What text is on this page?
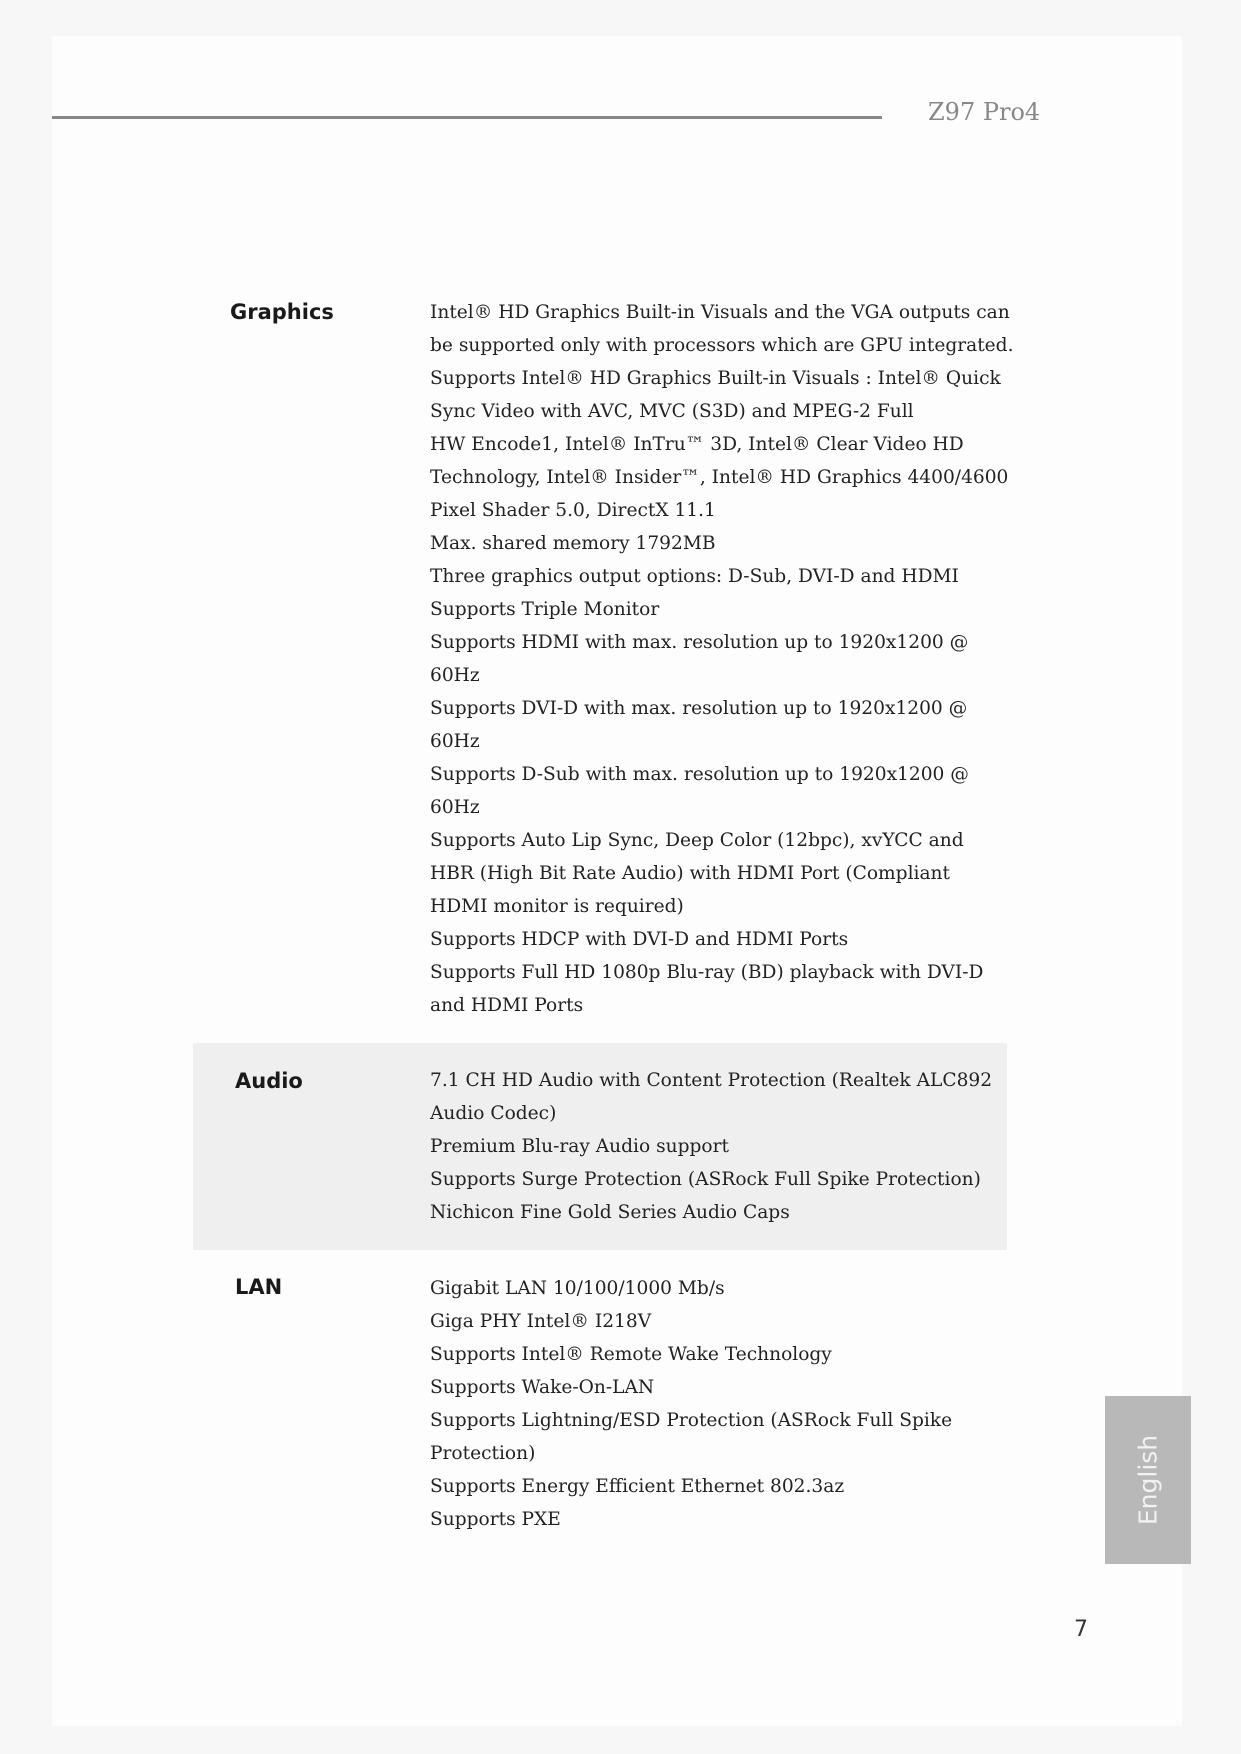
Z97 Pro4
Graphics	Intel® HD Graphics Built-in Visuals and the VGA outputs can
be supported only with processors which are GPU integrated.
Supports Intel® HD Graphics Built-in Visuals : Intel® Quick
Sync Video with AVC, MVC (S3D) and MPEG-2 Full
HW Encode1, Intel® InTru™ 3D, Intel® Clear Video HD
Technology, Intel® Insider™, Intel® HD Graphics 4400/4600
Pixel Shader 5.0, DirectX 11.1
Max. shared memory 1792MB
Three graphics output options: D-Sub, DVI-D and HDMI
Supports Triple Monitor
Supports HDMI with max. resolution up to 1920x1200 @
60Hz
Supports DVI-D with max. resolution up to 1920x1200 @
60Hz
Supports D-Sub with max. resolution up to 1920x1200 @
60Hz
Supports Auto Lip Sync, Deep Color (12bpc), xvYCC and
HBR (High Bit Rate Audio) with HDMI Port (Compliant
HDMI monitor is required)
Supports HDCP with DVI-D and HDMI Ports
Supports Full HD 1080p Blu-ray (BD) playback with DVI-D
and HDMI Ports
Audio	7.1 CH HD Audio with Content Protection (Realtek ALC892
Audio Codec)
Premium Blu-ray Audio support
Supports Surge Protection (ASRock Full Spike Protection)
Nichicon Fine Gold Series Audio Caps
LAN	Gigabit LAN 10/100/1000 Mb/s
Giga PHY Intel® I218V
Supports Intel® Remote Wake Technology
Supports Wake-On-LAN
Supports Lightning/ESD Protection (ASRock Full Spike
Protection)
Supports Energy Efficient Ethernet 802.3az
Supports PXE	English
7
